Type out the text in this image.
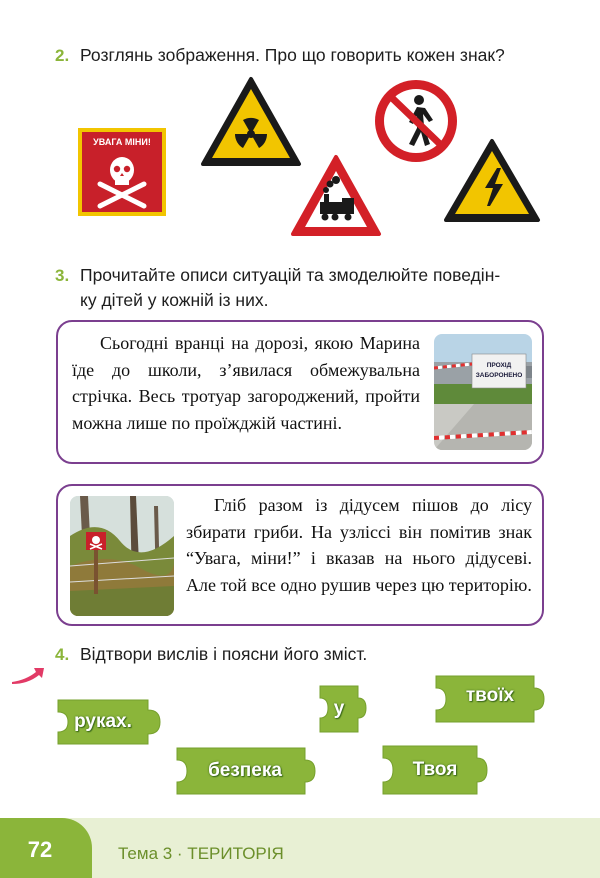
2. Розглянь зображення. Про що говорить кожен знак?
УВАГА МІНИ!
3. Прочитайте описи ситуацій та змоделюйте поведін-
ку дітей у кожній із них.
Сьогодні вранці на дорозі, якою Марина їде до школи, з’явилася обмежувальна стрічка. Весь тротуар загороджений, пройти можна лише по проїжджій частині.
ПРОХІД
ЗАБОРОНЕНО
Гліб разом із дідусем пішов до лісу збирати гриби. На узліссі він помітив знак “Увага, міни!” і вказав на нього дідусеві. Але той все одно рушив через цю територію.
4. Відтвори вислів і поясни його зміст.
руках.
у
твоїх
безпека	Твоя
72	Тема 3 · ТЕРИТОРІЯ
